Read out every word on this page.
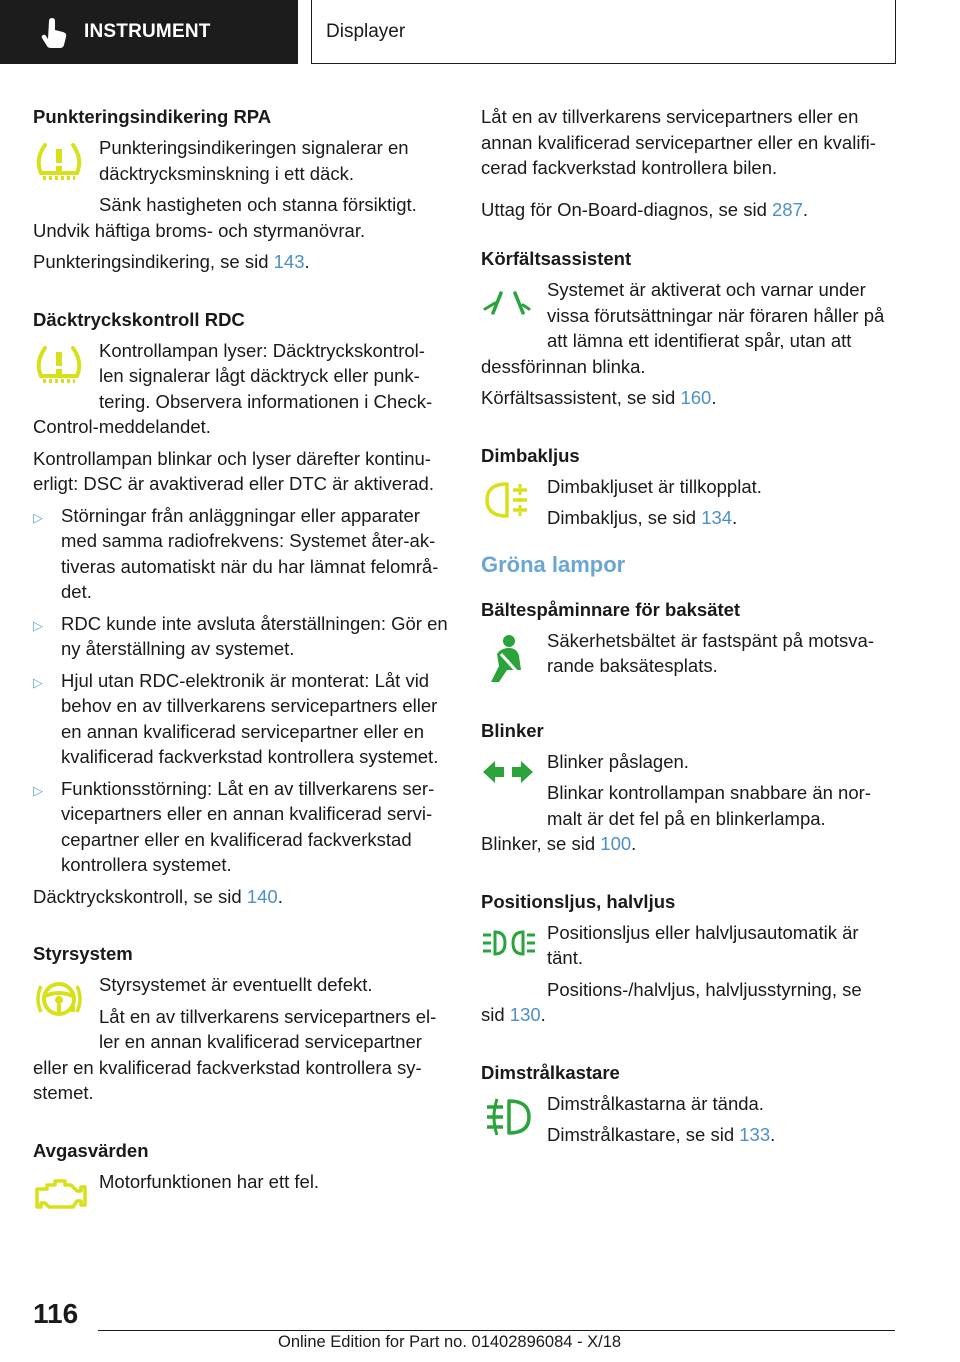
INSTRUMENT	Displayer
Punkteringsindikering RPA
Punkteringsindikeringen signalerar en däcktrycksminskning i ett däck.
Sänk hastigheten och stanna försiktigt.
Undvik häftiga broms- och styrmanövrar.
Punkteringsindikering, se sid 143.
Däcktryckskontroll RDC
Kontrollampan lyser: Däcktryckskontrol‐len signalerar lågt däcktryck eller punk‐tering. Observera informationen i Check-
Control-meddelandet.
Kontrollampan blinkar och lyser därefter kontinu‐erligt: DSC är avaktiverad eller DTC är aktiverad.
▷ Störningar från anläggningar eller apparater med samma radiofrekvens: Systemet åter‐ak‐tiveras automatiskt när du har lämnat felområ‐det.
▷ RDC kunde inte avsluta återställningen: Gör en ny återställning av systemet.
▷ Hjul utan RDC-elektronik är monterat: Låt vid behov en av tillverkarens servicepartners eller en annan kvalificerad servicepartner eller en kvalificerad fackverkstad kontrollera systemet.
▷ Funktionsstörning: Låt en av tillverkarens ser‐vicepartners eller en annan kvalificerad servi‐cepartner eller en kvalificerad fackverkstad kontrollera systemet.
Däcktryckskontroll, se sid 140.
Styrsystem
Styrsystemet är eventuellt defekt.
Låt en av tillverkarens servicepartners el‐ler en annan kvalificerad servicepartner
eller en kvalificerad fackverkstad kontrollera sy‐stemet.
Avgasvärden
Motorfunktionen har ett fel.
Låt en av tillverkarens servicepartners eller en annan kvalificerad servicepartner eller en kvalifi‐cerad fackverkstad kontrollera bilen.
Uttag för On-Board-diagnos, se sid 287.
Körfältsassistent
Systemet är aktiverat och varnar under vissa förutsättningar när föraren håller på att lämna ett identifierat spår, utan att
dessförinnan blinka.
Körfältsassistent, se sid 160.
Dimbakljus
Dimbakljuset är tillkopplat.
Dimbakljus, se sid 134.
Gröna lampor
Bältespåminnare för baksätet
Säkerhetsbältet är fastspänt på motsva‐rande baksätesplats.
Blinker
Blinker påslagen.
Blinkar kontrollampan snabbare än nor‐malt är det fel på en blinkerlampa.
Blinker, se sid 100.
Positionsljus, halvljus
Positionsljus eller halvljusautomatik är tänt.
Positions-/halvljus, halvljusstyrning, se
sid 130.
Dimstrålkastare
Dimstrålkastarna är tända.
Dimstrålkastare, se sid 133.
116
Online Edition for Part no. 01402896084 - X/18
